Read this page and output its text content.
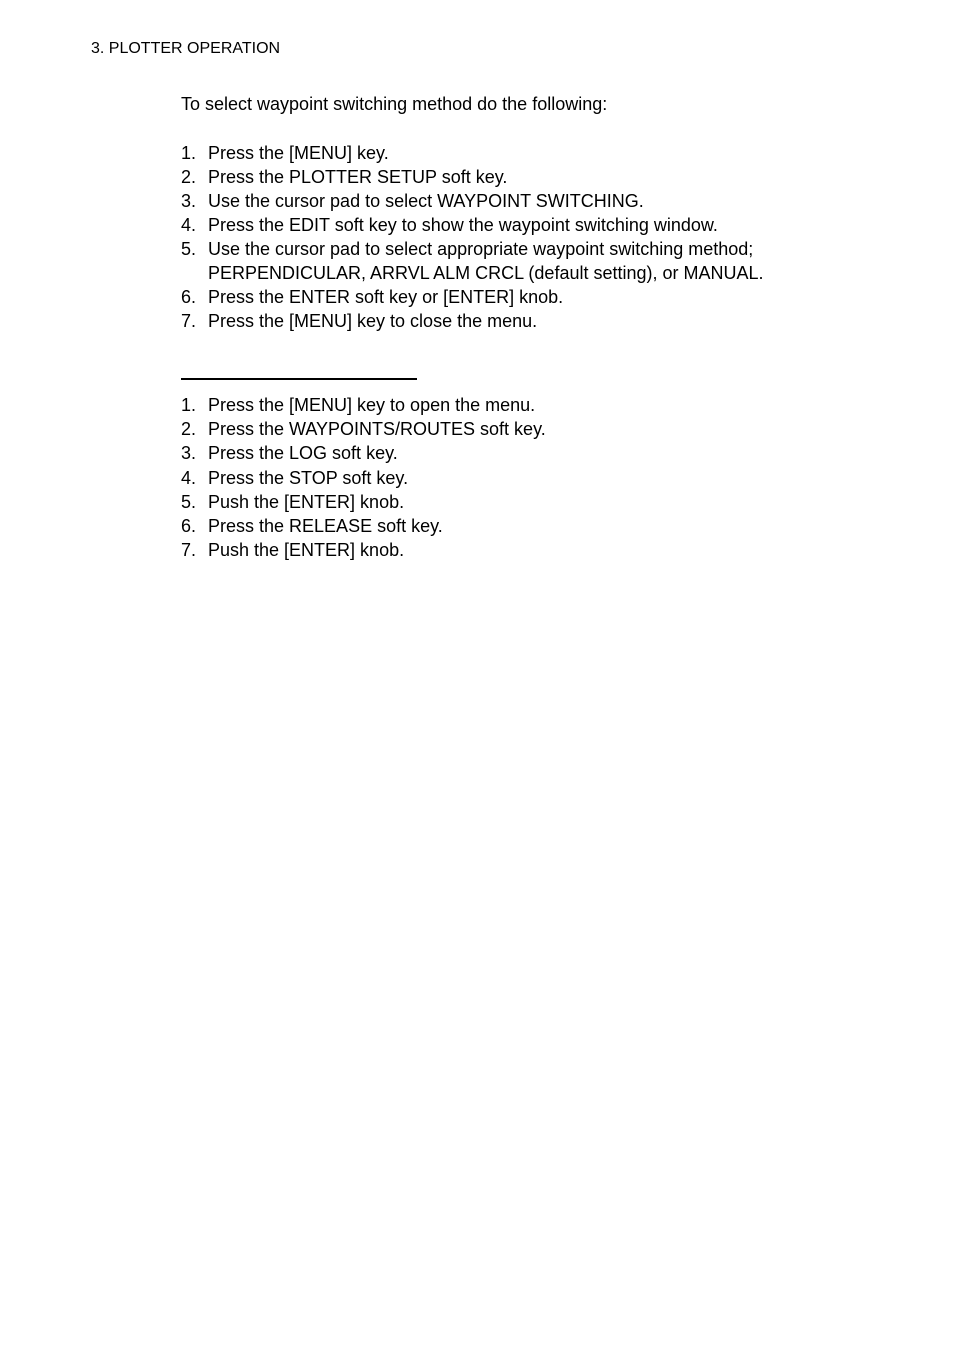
3. PLOTTER OPERATION

To select waypoint switching method do the following:

1. Press the [MENU] key.
2. Press the PLOTTER SETUP soft key.
3. Use the cursor pad to select WAYPOINT SWITCHING.
4. Press the EDIT soft key to show the waypoint switching window.
5. Use the cursor pad to select appropriate waypoint switching method;
PERPENDICULAR, ARRVL ALM CRCL (default setting), or MANUAL.
6. Press the ENTER soft key or [ENTER] knob.
7. Press the [MENU] key to close the menu.
1. Press the [MENU] key to open the menu.
2. Press the WAYPOINTS/ROUTES soft key.
3. Press the LOG soft key.
4. Press the STOP soft key.
5. Push the [ENTER] knob.
6. Press the RELEASE soft key.
7. Push the [ENTER] knob.
